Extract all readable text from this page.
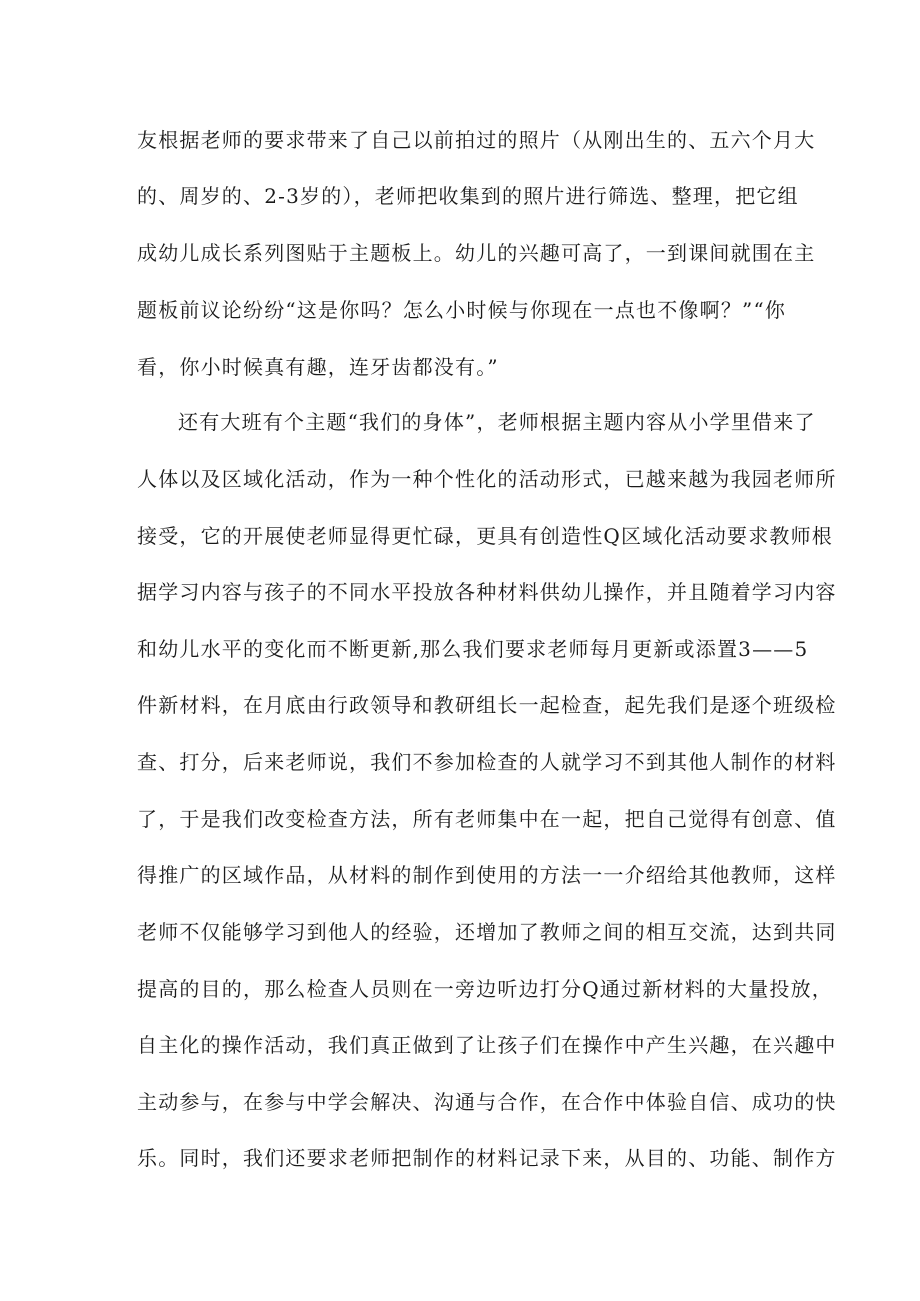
友根据老师的要求带来了自己以前拍过的照片（从刚出生的、五六个月大
的、周岁的、2-3岁的），老师把收集到的照片进行筛选、整理，把它组
成幼儿成长系列图贴于主题板上。幼儿的兴趣可高了，一到课间就围在主
题板前议论纷纷“这是你吗？怎么小时候与你现在一点也不像啊？”“你
看，你小时候真有趣，连牙齿都没有。”
还有大班有个主题“我们的身体”，老师根据主题内容从小学里借来了
人体以及区域化活动，作为一种个性化的活动形式，已越来越为我园老师所
接受，它的开展使老师显得更忙碌，更具有创造性Q区域化活动要求教师根
据学习内容与孩子的不同水平投放各种材料供幼儿操作，并且随着学习内容
和幼儿水平的变化而不断更新,那么我们要求老师每月更新或添置3——5
件新材料，在月底由行政领导和教研组长一起检查，起先我们是逐个班级检
查、打分，后来老师说，我们不参加检查的人就学习不到其他人制作的材料
了，于是我们改变检查方法，所有老师集中在一起，把自己觉得有创意、值
得推广的区域作品，从材料的制作到使用的方法一一介绍给其他教师，这样
老师不仅能够学习到他人的经验，还增加了教师之间的相互交流，达到共同
提高的目的，那么检查人员则在一旁边听边打分Q通过新材料的大量投放，
自主化的操作活动，我们真正做到了让孩子们在操作中产生兴趣，在兴趣中
主动参与，在参与中学会解决、沟通与合作，在合作中体验自信、成功的快
乐。同时，我们还要求老师把制作的材料记录下来，从目的、功能、制作方
